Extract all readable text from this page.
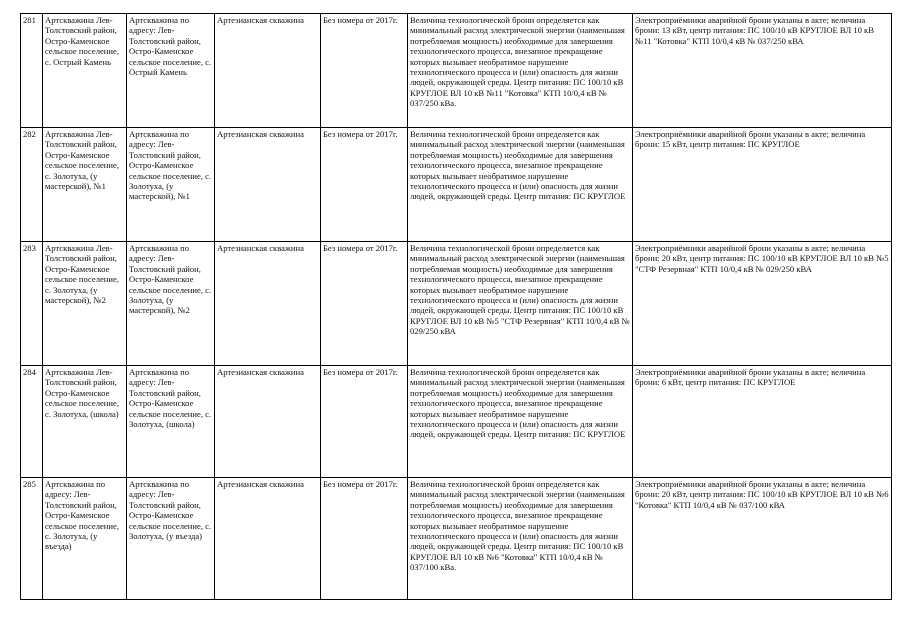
281	Артскважина Лев-Толстовский район, Остро-Каменское сельское поселение, с. Острый Камень	Артскважина по адресу: Лев-Толстовский район, Остро-Каменское сельское поселение, с. Острый Камень	Артезианская скважина	Без номера от 2017г.	Величина технологической брони определяется как минимальный расход электрической энергии (наименьшая потребляемая мощность) необходимые для завершения технологического процесса, внезапное прекращение которых вызывает необратимое нарушение технологического процесса и (или) опасность для жизни людей, окружающей среды. Центр питания: ПС 100/10 кВ КРУГЛОЕ ВЛ 10 кВ №11 "Котовка" КТП 10/0,4 кВ № 037/250 кВа.	Электроприёмники аварийной брони указаны в акте; величина брони: 13 кВт, центр питания: ПС 100/10 кВ КРУГЛОЕ ВЛ 10 кВ №11 "Котовка" КТП 10/0,4 кВ № 037/250 кВА
282	Артскважина Лев-Толстовский район, Остро-Каменское сельское поселение, с. Золотуха, (у мастерской), №1	Артскважина по адресу: Лев-Толстовский район, Остро-Каменское сельское поселение, с. Золотуха, (у мастерской), №1	Артезианская скважина	Без номера от 2017г.	Величина технологической брони определяется как минимальный расход электрической энергии (наименьшая потребляемая мощность) необходимые для завершения технологического процесса, внезапное прекращение которых вызывает необратимое нарушение технологического процесса и (или) опасность для жизни людей, окружающей среды. Центр питания: ПС КРУГЛОЕ	Электроприёмники аварийной брони указаны в акте; величина брони: 15 кВт, центр питания: ПС КРУГЛОЕ
283	Артскважина Лев-Толстовский район, Остро-Каменское сельское поселение, с. Золотуха, (у мастерской), №2	Артскважина по адресу: Лев-Толстовский район, Остро-Каменское сельское поселение, с. Золотуха, (у мастерской), №2	Артезианская скважина	Без номера от 2017г.	Величина технологической брони определяется как минимальный расход электрической энергии (наименьшая потребляемая мощность) необходимые для завершения технологического процесса, внезапное прекращение которых вызывает необратимое нарушение технологического процесса и (или) опасность для жизни людей, окружающей среды. Центр питания: ПС 100/10 кВ КРУГЛОЕ ВЛ 10 кВ №5 "СТФ Резервная" КТП 10/0,4 кВ № 029/250 кВА	Электроприёмники аварийной брони указаны в акте; величина брони: 20 кВт, центр питания: ПС 100/10 кВ КРУГЛОЕ ВЛ 10 кВ №5 "СТФ Резервная" КТП 10/0,4 кВ № 029/250 кВА
284	Артскважина Лев-Толстовский район, Остро-Каменское сельское поселение, с. Золотуха, (школа)	Артскважина по адресу: Лев-Толстовский район, Остро-Каменское сельское поселение, с. Золотуха, (школа)	Артезианская скважина	Без номера от 2017г.	Величина технологической брони определяется как минимальный расход электрической энергии (наименьшая потребляемая мощность) необходимые для завершения технологического процесса, внезапное прекращение которых вызывает необратимое нарушение технологического процесса и (или) опасность для жизни людей, окружающей среды. Центр питания: ПС КРУГЛОЕ	Электроприёмники аварийной брони указаны в акте; величина брони: 6 кВт, центр питания: ПС КРУГЛОЕ
285	Артскважина по адресу: Лев-Толстовский район, Остро-Каменское сельское поселение, с. Золотуха, (у въезда)	Артскважина по адресу: Лев-Толстовский район, Остро-Каменское сельское поселение, с. Золотуха, (у въезда)	Артезианская скважина	Без номера от 2017г.	Величина технологической брони определяется как минимальный расход электрической энергии (наименьшая потребляемая мощность) необходимые для завершения технологического процесса, внезапное прекращение которых вызывает необратимое нарушение технологического процесса и (или) опасность для жизни людей, окружающей среды. Центр питания: ПС 100/10 кВ КРУГЛОЕ ВЛ 10 кВ №6 "Котовка" КТП 10/0,4 кВ № 037/100 кВа.	Электроприёмники аварийной брони указаны в акте; величина брони: 20 кВт, центр питания: ПС 100/10 кВ КРУГЛОЕ ВЛ 10 кВ №6 "Котовка" КТП 10/0,4 кВ № 037/100 кВА
